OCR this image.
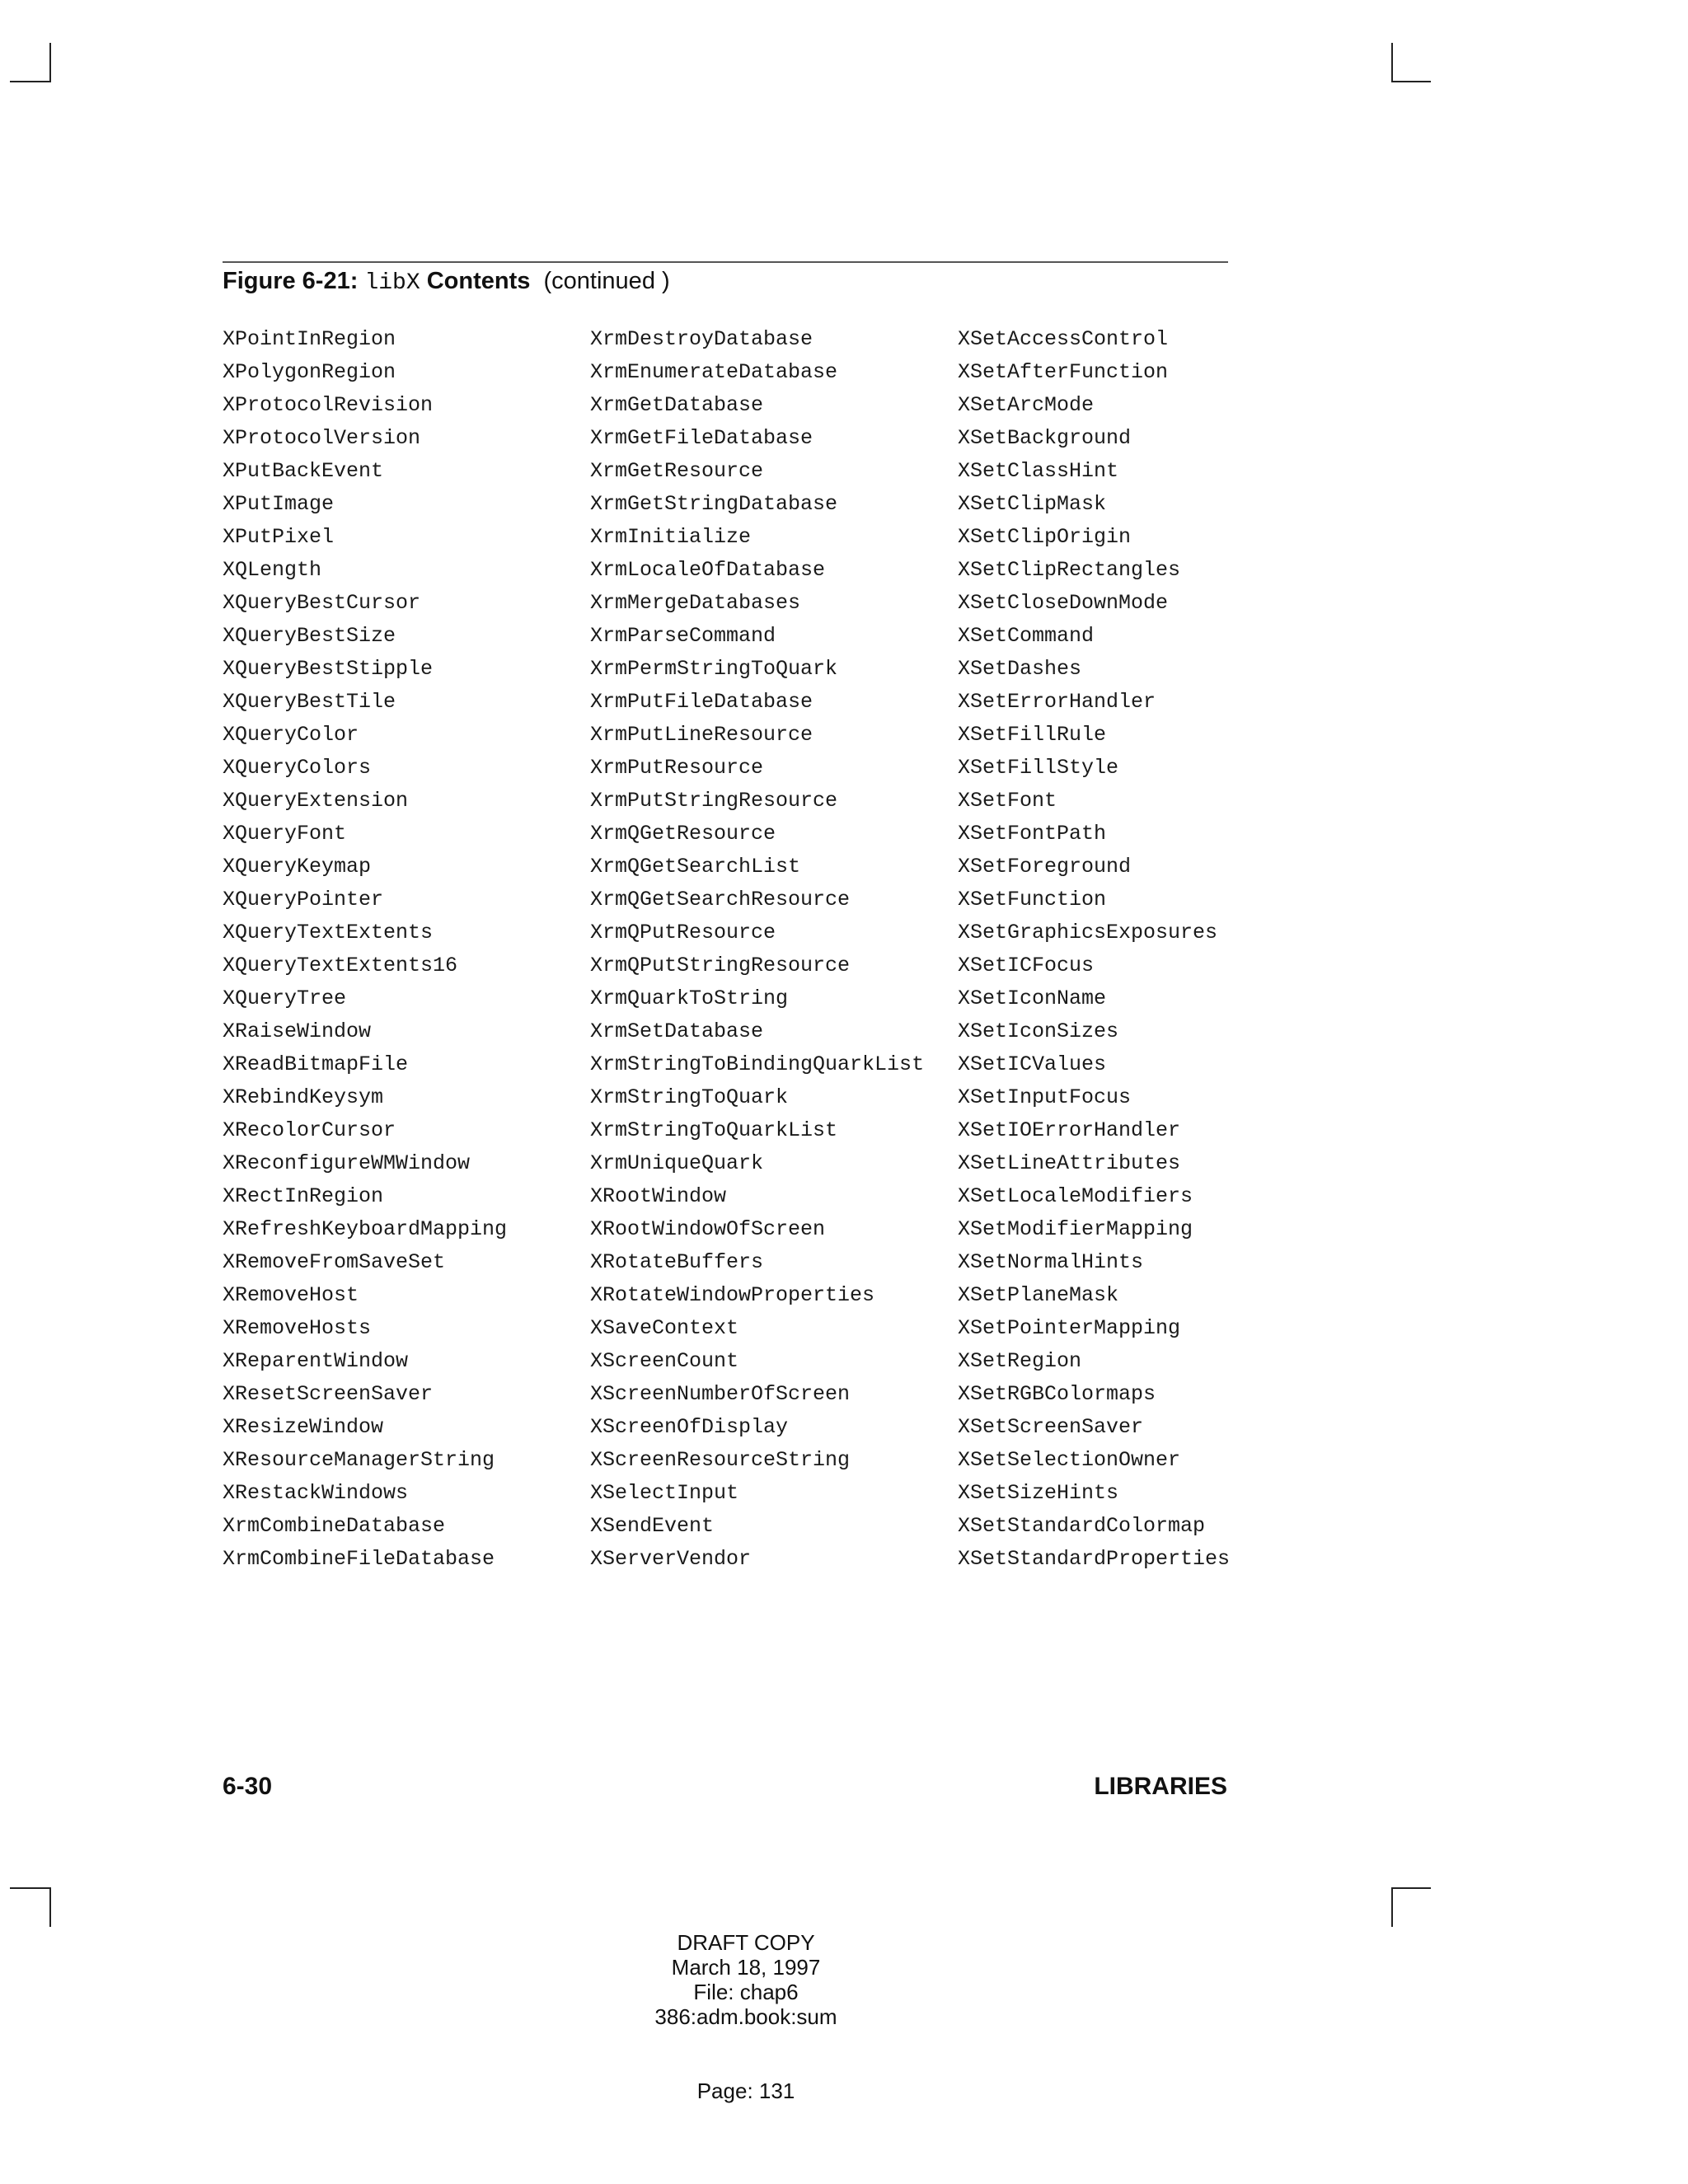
Figure 6-21: libX Contents (continued )
XPointInRegion
XPolygonRegion
XProtocolRevision
XProtocolVersion
XPutBackEvent
XPutImage
XPutPixel
XQLength
XQueryBestCursor
XQueryBestSize
XQueryBestStipple
XQueryBestTile
XQueryColor
XQueryColors
XQueryExtension
XQueryFont
XQueryKeymap
XQueryPointer
XQueryTextExtents
XQueryTextExtents16
XQueryTree
XRaiseWindow
XReadBitmapFile
XRebindKeysym
XRecolorCursor
XReconfigureWMWindow
XRectInRegion
XRefreshKeyboardMapping
XRemoveFromSaveSet
XRemoveHost
XRemoveHosts
XReparentWindow
XResetScreenSaver
XResizeWindow
XResourceManagerString
XRestackWindows
XrmCombineDatabase
XrmCombineFileDatabase
XrmDestroyDatabase
XrmEnumerateDatabase
XrmGetDatabase
XrmGetFileDatabase
XrmGetResource
XrmGetStringDatabase
XrmInitialize
XrmLocaleOfDatabase
XrmMergeDatabases
XrmParseCommand
XrmPermStringToQuark
XrmPutFileDatabase
XrmPutLineResource
XrmPutResource
XrmPutStringResource
XrmQGetResource
XrmQGetSearchList
XrmQGetSearchResource
XrmQPutResource
XrmQPutStringResource
XrmQuarkToString
XrmSetDatabase
XrmStringToBindingQuarkList
XrmStringToQuark
XrmStringToQuarkList
XrmUniqueQuark
XRootWindow
XRootWindowOfScreen
XRotateBuffers
XRotateWindowProperties
XSaveContext
XScreenCount
XScreenNumberOfScreen
XScreenOfDisplay
XScreenResourceString
XSelectInput
XSendEvent
XServerVendor
XSetAccessControl
XSetAfterFunction
XSetArcMode
XSetBackground
XSetClassHint
XSetClipMask
XSetClipOrigin
XSetClipRectangles
XSetCloseDownMode
XSetCommand
XSetDashes
XSetErrorHandler
XSetFillRule
XSetFillStyle
XSetFont
XSetFontPath
XSetForeground
XSetFunction
XSetGraphicsExposures
XSetICFocus
XSetIconName
XSetIconSizes
XSetICValues
XSetInputFocus
XSetIOErrorHandler
XSetLineAttributes
XSetLocaleModifiers
XSetModifierMapping
XSetNormalHints
XSetPlaneMask
XSetPointerMapping
XSetRegion
XSetRGBColormaps
XSetScreenSaver
XSetSelectionOwner
XSetSizeHints
XSetStandardColormap
XSetStandardProperties
6-30	LIBRARIES
DRAFT COPY
March 18, 1997
File: chap6
386:adm.book:sum
Page: 131
